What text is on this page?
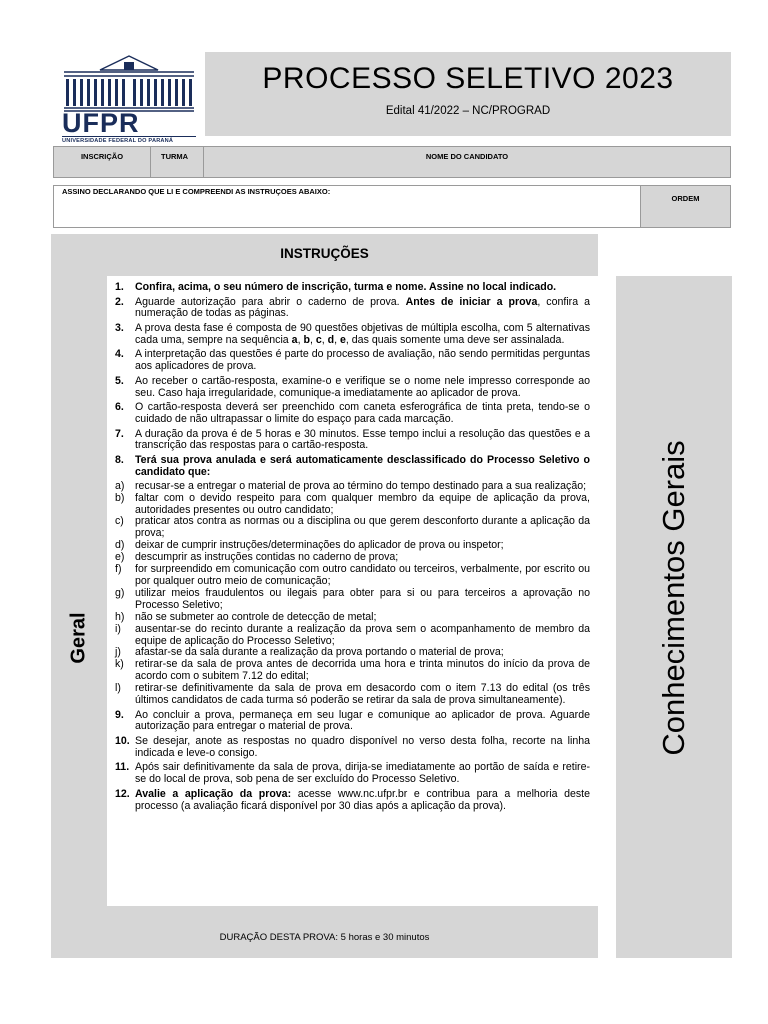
UFPR
UNIVERSIDADE FEDERAL DO PARANÁ
PROCESSO SELETIVO 2023
Edital 41/2022 – NC/PROGRAD
INSCRIÇÃO	TURMA	NOME DO CANDIDATO
ASSINO DECLARANDO QUE LI E COMPREENDI AS INSTRUÇOES ABAIXO:
ORDEM
INSTRUÇÕES
Geral
1. Confira, acima, o seu número de inscrição, turma e nome. Assine no local indicado.
2. Aguarde autorização para abrir o caderno de prova. Antes de iniciar a prova, confira a numeração de todas as páginas.
3. A prova desta fase é composta de 90 questões objetivas de múltipla escolha, com 5 alternativas cada uma, sempre na sequência a, b, c, d, e, das quais somente uma deve ser assinalada.
4. A interpretação das questões é parte do processo de avaliação, não sendo permitidas perguntas aos aplicadores de prova.
5. Ao receber o cartão-resposta, examine-o e verifique se o nome nele impresso corresponde ao seu. Caso haja irregularidade, comunique-a imediatamente ao aplicador de prova.
6. O cartão-resposta deverá ser preenchido com caneta esferográfica de tinta preta, tendo-se o cuidado de não ultrapassar o limite do espaço para cada marcação.
7. A duração da prova é de 5 horas e 30 minutos. Esse tempo inclui a resolução das questões e a transcrição das respostas para o cartão-resposta.
8. Terá sua prova anulada e será automaticamente desclassificado do Processo Seletivo o candidato que:
a) recusar-se a entregar o material de prova ao término do tempo destinado para a sua realização;
b) faltar com o devido respeito para com qualquer membro da equipe de aplicação da prova, autoridades presentes ou outro candidato;
c) praticar atos contra as normas ou a disciplina ou que gerem desconforto durante a aplicação da prova;
d) deixar de cumprir instruções/determinações do aplicador de prova ou inspetor;
e) descumprir as instruções contidas no caderno de prova;
f) for surpreendido em comunicação com outro candidato ou terceiros, verbalmente, por escrito ou por qualquer outro meio de comunicação;
g) utilizar meios fraudulentos ou ilegais para obter para si ou para terceiros a aprovação no Processo Seletivo;
h) não se submeter ao controle de detecção de metal;
i) ausentar-se do recinto durante a realização da prova sem o acompanhamento de membro da equipe de aplicação do Processo Seletivo;
j) afastar-se da sala durante a realização da prova portando o material de prova;
k) retirar-se da sala de prova antes de decorrida uma hora e trinta minutos do início da prova de acordo com o subitem 7.12 do edital;
l) retirar-se definitivamente da sala de prova em desacordo com o item 7.13 do edital (os três últimos candidatos de cada turma só poderão se retirar da sala de prova simultaneamente).
9. Ao concluir a prova, permaneça em seu lugar e comunique ao aplicador de prova. Aguarde autorização para entregar o material de prova.
10. Se desejar, anote as respostas no quadro disponível no verso desta folha, recorte na linha indicada e leve-o consigo.
11. Após sair definitivamente da sala de prova, dirija-se imediatamente ao portão de saída e retire-se do local de prova, sob pena de ser excluído do Processo Seletivo.
12. Avalie a aplicação da prova: acesse www.nc.ufpr.br e contribua para a melhoria deste processo (a avaliação ficará disponível por 30 dias após a aplicação da prova).
DURAÇÃO DESTA PROVA: 5 horas e 30 minutos
Conhecimentos Gerais
